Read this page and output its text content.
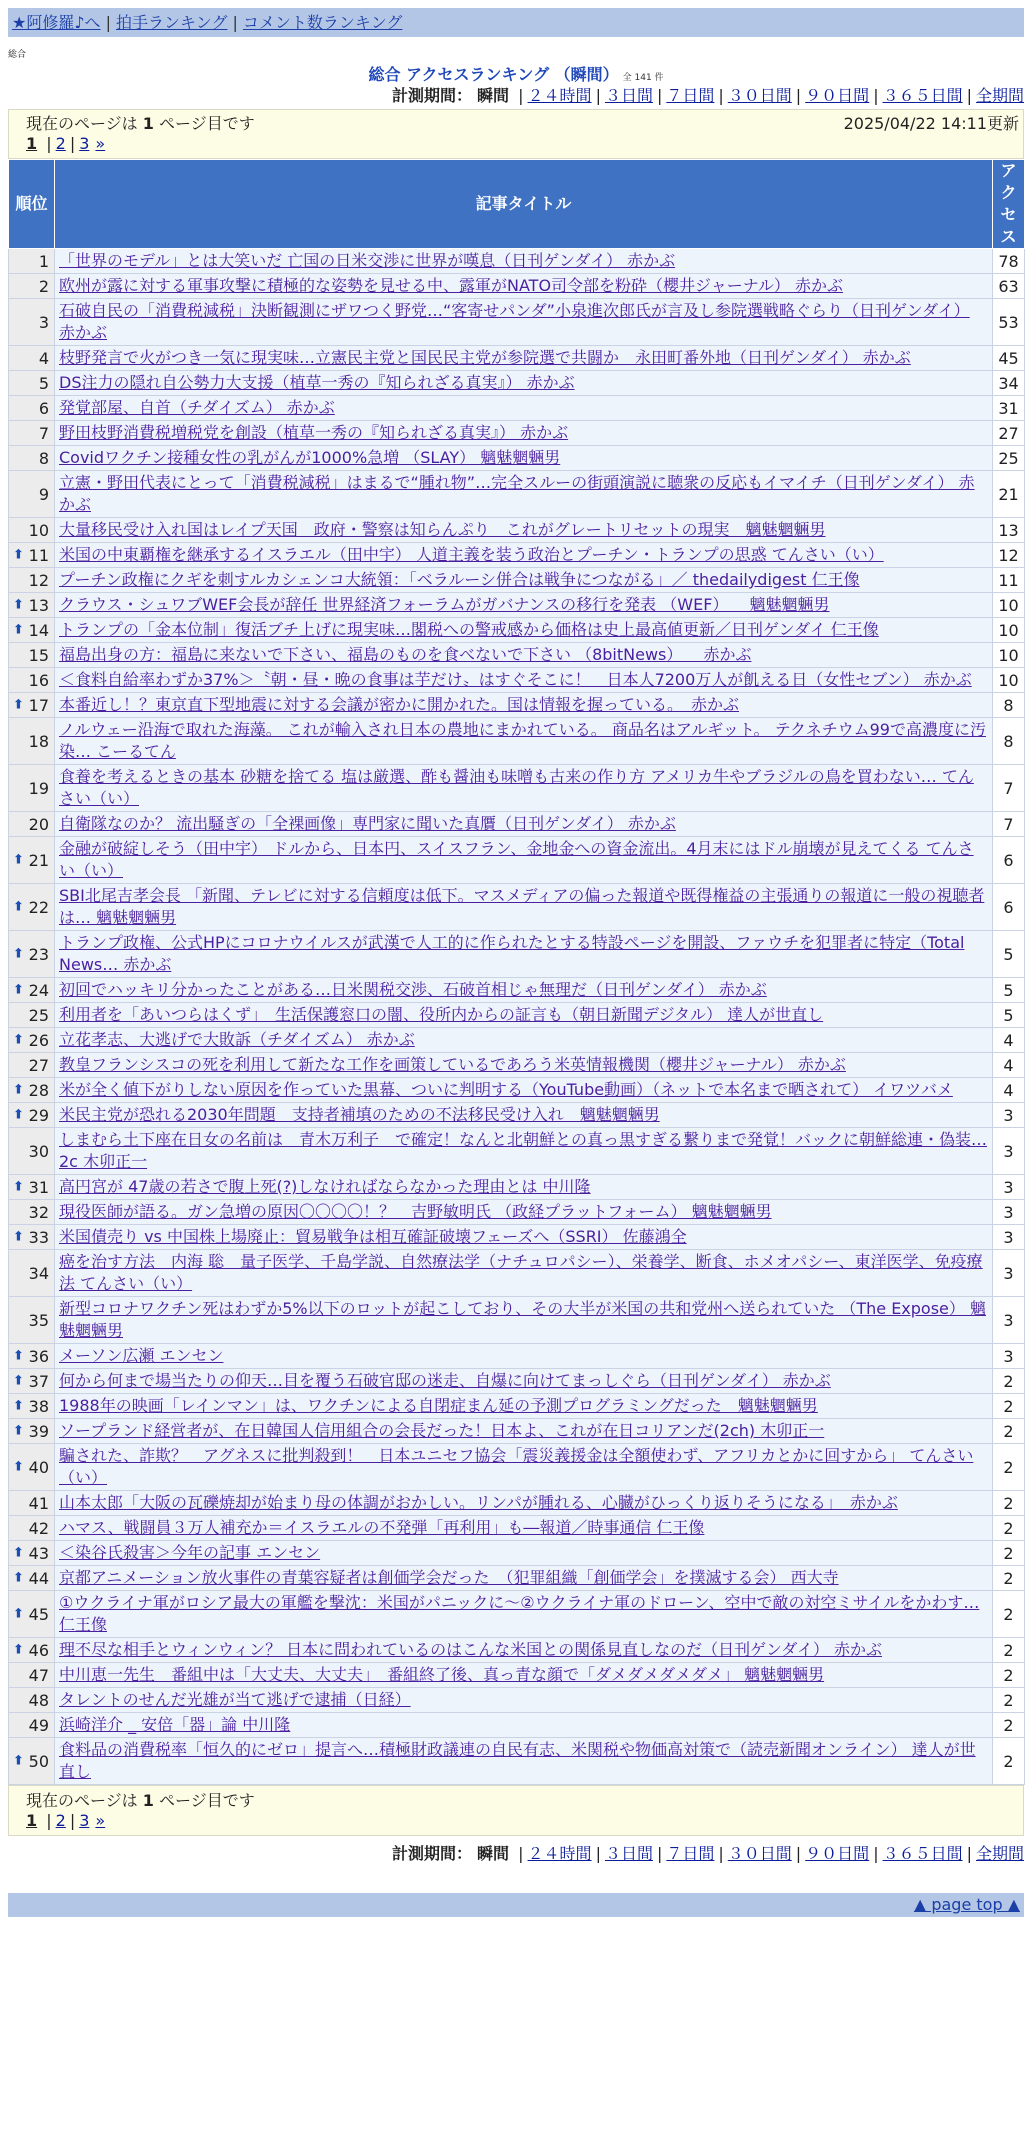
★阿修羅♪へ | 拍手ランキング | コメント数ランキング
総合
総合 アクセスランキング （瞬間） 全 141 件
計測期間： 瞬間 | ２４時間 | ３日間 | ７日間 | ３０日間 | ９０日間 | ３６５日間 | 全期間
現在のページは 1 ページ目です	2025/04/22 14:11更新
1 | 2 | 3 »
順位	記事タイトル	アクセス
1	「世界のモデル」とは大笑いだ 亡国の日米交渉に世界が嘆息（日刊ゲンダイ） 赤かぶ	78
2	欧州が露に対する軍事攻撃に積極的な姿勢を見せる中、露軍がNATO司令部を粉砕（櫻井ジャーナル） 赤かぶ	63
3	石破自民の「消費税減税」決断観測にザワつく野党…“客寄せパンダ”小泉進次郎氏が言及し参院選戦略ぐらり（日刊ゲンダイ） 赤かぶ	53
4	枝野発言で火がつき一気に現実味…立憲民主党と国民民主党が参院選で共闘か　永田町番外地（日刊ゲンダイ） 赤かぶ	45
5	DS注力の隠れ自公勢力大支援（植草一秀の『知られざる真実』） 赤かぶ	34
6	発覚部屋、自首（チダイズム） 赤かぶ	31
7	野田枝野消費税増税党を創設（植草一秀の『知られざる真実』） 赤かぶ	27
8	Covidワクチン接種女性の乳がんが1000%急増 （SLAY） 魑魅魍魎男	25
9	立憲・野田代表にとって「消費税減税」はまるで“腫れ物”…完全スルーの街頭演説に聴衆の反応もイマイチ（日刊ゲンダイ） 赤かぶ	21
10	大量移民受け入れ国はレイプ天国　政府・警察は知らんぷり　これがグレートリセットの現実　魑魅魍魎男	13

⬆ 11	米国の中東覇権を継承するイスラエル（田中宇） 人道主義を装う政治とプーチン・トランプの思惑 てんさい（い）	12
12	プーチン政権にクギを刺すルカシェンコ大統領：「ベラルーシ併合は戦争につながる」／ thedailydigest 仁王像	11

⬆ 13	クラウス・シュワブWEF会長が辞任 世界経済フォーラムがガバナンスの移行を発表 （WEF） 　魑魅魍魎男	10

⬆ 14	トランプの「金本位制」復活ブチ上げに現実味…閣税への警戒感から価格は史上最高値更新／日刊ゲンダイ 仁王像	10
15	福島出身の方：福島に来ないで下さい、福島のものを食べないで下さい （8bitNews） 　赤かぶ	10
16	＜食料自給率わずか37%＞〝朝・昼・晩の食事は芋だけ〟はすぐそこに！　日本人7200万人が飢える日（女性セブン） 赤かぶ	10

⬆ 17	本番近し！？東京直下型地震に対する会議が密かに開かれた。国は情報を握っている。　赤かぶ	8
18	ノルウェー沿海で取れた海藻。 これが輸入され日本の農地にまかれている。 商品名はアルギット。 テクネチウム99で高濃度に汚染… こーるてん	8
19	食養を考えるときの基本 砂糖を捨てる 塩は厳選、酢も醤油も味噌も古来の作り方 アメリカ牛やブラジルの鳥を買わない… てんさい（い）	7
20	自衛隊なのか？ 流出騒ぎの「全裸画像」専門家に聞いた真贋（日刊ゲンダイ） 赤かぶ	7

⬆ 21	金融が破綻しそう（田中宇） ドルから、日本円、スイスフラン、金地金への資金流出。4月末にはドル崩壊が見えてくる てんさい（い）	6

⬆ 22	SBI北尾吉孝会長 「新聞、テレビに対する信頼度は低下。マスメディアの偏った報道や既得権益の主張通りの報道に一般の視聴者は… 魑魅魍魎男	6

⬆ 23	トランプ政権、公式HPにコロナウイルスが武漢で人工的に作られたとする特設ページを開設、ファウチを犯罪者に特定（Total News… 赤かぶ	5

⬆ 24	初回でハッキリ分かったことがある…日米関税交渉、石破首相じゃ無理だ（日刊ゲンダイ） 赤かぶ	5
25	利用者を「あいつらはくず」　生活保護窓口の闇、役所内からの証言も（朝日新聞デジタル） 達人が世直し	5

⬆ 26	立花孝志、大逃げで大敗訴（チダイズム） 赤かぶ	4
27	教皇フランシスコの死を利用して新たな工作を画策しているであろう米英情報機関（櫻井ジャーナル） 赤かぶ	4

⬆ 28	米が全く値下がりしない原因を作っていた黒幕、ついに判明する（YouTube動画）（ネットで本名まで晒されて） イワツバメ	4

⬆ 29	米民主党が恐れる2030年問題　支持者補填のための不法移民受け入れ　魑魅魍魎男	3
30	しまむら土下座在日女の名前は　青木万利子　で確定！なんと北朝鮮との真っ黒すぎる繋りまで発覚！バックに朝鮮総連・偽装…2c 木卯正一	3

⬆ 31	高円宮が 47歳の若さで腹上死(?)しなければならなかった理由とは 中川隆	3
32	現役医師が語る。ガン急増の原因〇〇〇〇！？　吉野敏明氏 （政経プラットフォーム） 魑魅魍魎男	3

⬆ 33	米国債売り vs 中国株上場廃止：貿易戦争は相互確証破壊フェーズへ（SSRI） 佐藤鴻全	3
34	癌を治す方法　内海 聡　量子医学、千島学説、自然療法学（ナチュロパシー）、栄養学、断食、ホメオパシー、東洋医学、免疫療法 てんさい（い）	3
35	新型コロナワクチン死はわずか5%以下のロットが起こしており、その大半が米国の共和党州へ送られていた （The Expose） 魑魅魍魎男	3

⬆ 36	メーソン広瀬 エンセン	3

⬆ 37	何から何まで場当たりの仰天…目を覆う石破官邸の迷走、自爆に向けてまっしぐら（日刊ゲンダイ） 赤かぶ	2

⬆ 38	1988年の映画「レインマン」は、ワクチンによる自閉症まん延の予測プログラミングだった　魑魅魍魎男	2

⬆ 39	ソープランド経営者が、在日韓国人信用組合の会長だった！日本よ、これが在日コリアンだ(2ch) 木卯正一	2

⬆ 40	騙された、詐欺？　アグネスに批判殺到！　日本ユニセフ協会「震災義援金は全額使わず、アフリカとかに回すから」 てんさい（い）	2
41	山本太郎「大阪の瓦礫焼却が始まり母の体調がおかしい。リンパが腫れる、心臓がひっくり返りそうになる」　赤かぶ	2
42	ハマス、戦闘員３万人補充か＝イスラエルの不発弾「再利用」も―報道／時事通信 仁王像	2

⬆ 43	＜染谷氏殺害＞今年の記事 エンセン	2

⬆ 44	京都アニメーション放火事件の青葉容疑者は創価学会だった　（犯罪組織「創価学会」を撲滅する会） 西大寺	2

⬆ 45	①ウクライナ軍がロシア最大の軍艦を撃沈：米国がパニックに〜②ウクライナ軍のドローン、空中で敵の対空ミサイルをかわす… 仁王像	2

⬆ 46	理不尽な相手とウィンウィン？ 日本に問われているのはこんな米国との関係見直しなのだ（日刊ゲンダイ） 赤かぶ	2
47	中川恵一先生　番組中は「大丈夫、大丈夫」　番組終了後、真っ青な顔で「ダメダメダメダメ」 魑魅魍魎男	2
48	タレントのせんだ光雄が当て逃げで逮捕（日経）	2
49	浜崎洋介 _ 安倍「器」論 中川隆	2

⬆ 50	食料品の消費税率「恒久的にゼロ」提言へ…積極財政議連の自民有志、米関税や物価高対策で（読売新聞オンライン） 達人が世直し	2
現在のページは 1 ページ目です
1 | 2 | 3 »
計測期間： 瞬間 | ２４時間 | ３日間 | ７日間 | ３０日間 | ９０日間 | ３６５日間 | 全期間
▲ page top ▲
